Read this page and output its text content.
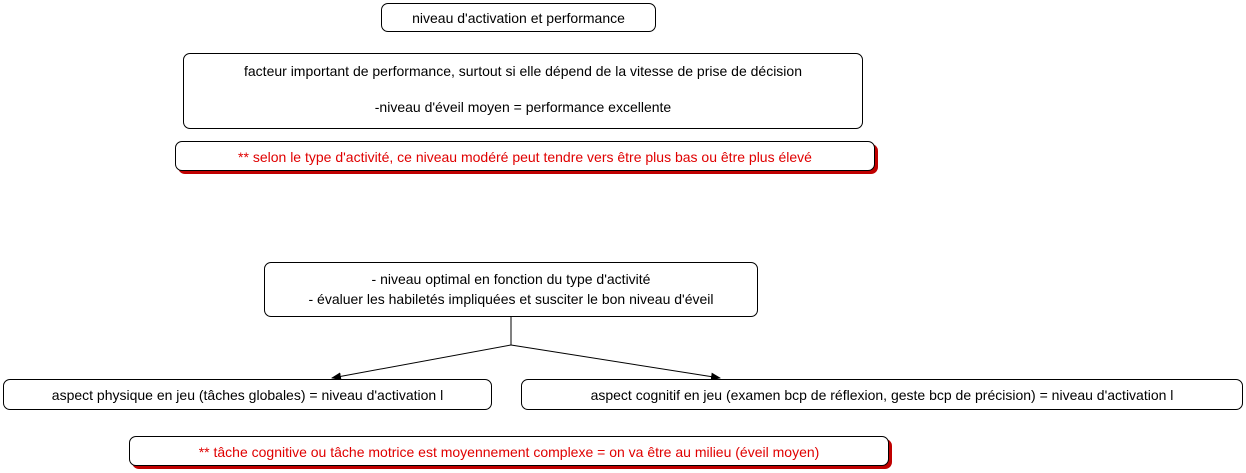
niveau d'activation et performance
facteur important de performance, surtout si elle dépend de la vitesse de prise de décision
-niveau d'éveil moyen = performance excellente
** selon le type d'activité, ce niveau modéré peut tendre vers être plus bas ou être plus élevé
- niveau optimal en fonction du type d'activité
- évaluer les habiletés impliquées et susciter le bon niveau d'éveil
aspect physique en jeu (tâches globales) = niveau d'activation l	aspect cognitif en jeu (examen bcp de réflexion, geste bcp de précision) = niveau d'activation l
** tâche cognitive ou tâche motrice est moyennement complexe = on va être au milieu (éveil moyen)
